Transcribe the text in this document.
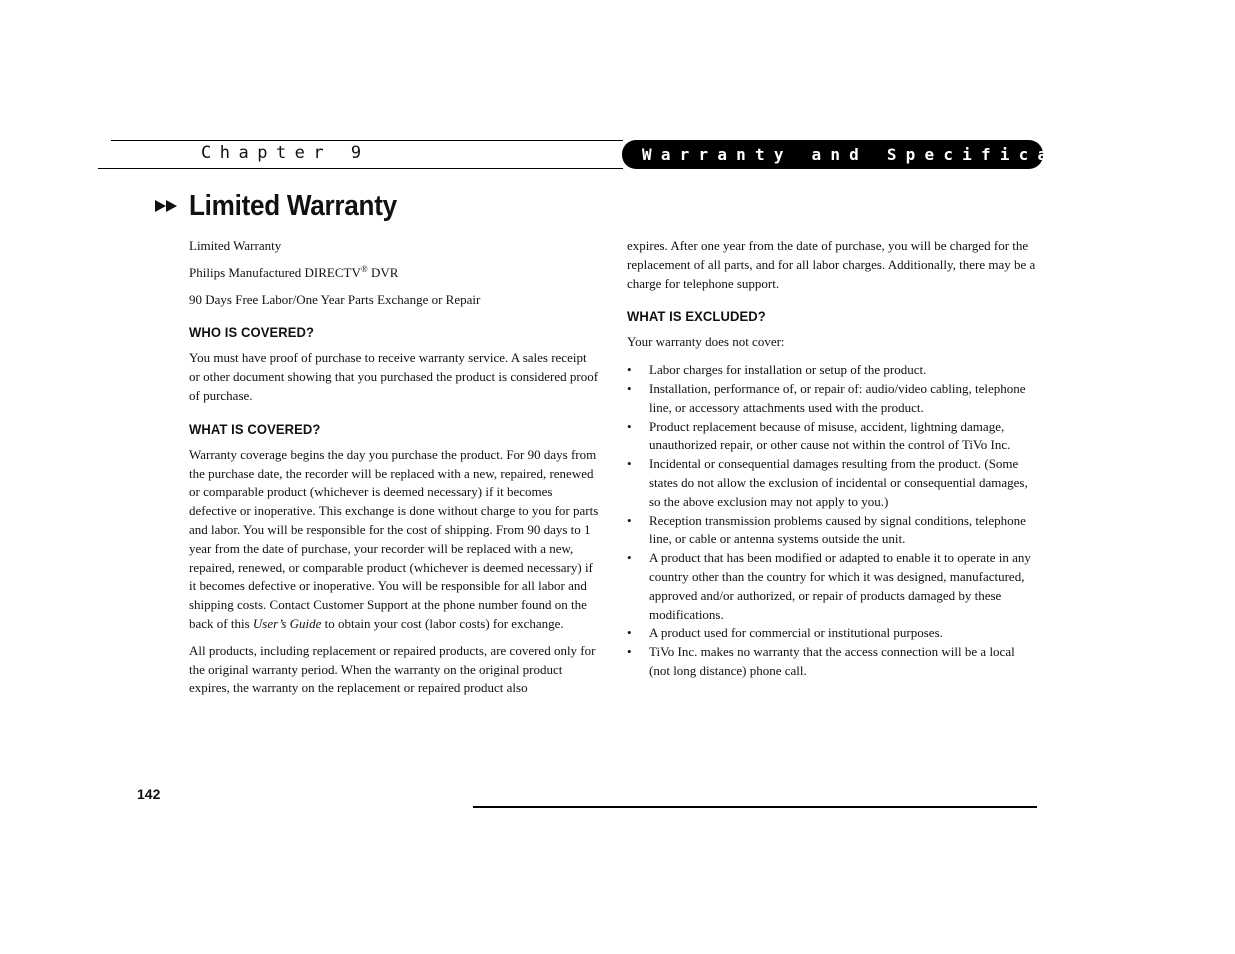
Chapter 9	Warranty and Specifications
Limited Warranty

Limited Warranty

Philips Manufactured DIRECTV® DVR

90 Days Free Labor/One Year Parts Exchange or Repair

WHO IS COVERED?

You must have proof of purchase to receive warranty service. A sales receipt or other document showing that you purchased the product is considered proof of purchase.

WHAT IS COVERED?

Warranty coverage begins the day you purchase the product. For 90 days from the purchase date, the recorder will be replaced with a new, repaired, renewed or comparable product (whichever is deemed necessary) if it becomes defective or inoperative. This exchange is done without charge to you for parts and labor. You will be responsible for the cost of shipping. From 90 days to 1 year from the date of purchase, your recorder will be replaced with a new, repaired, renewed, or comparable product (whichever is deemed necessary) if it becomes defective or inoperative. You will be responsible for all labor and shipping costs. Contact Customer Support at the phone number found on the back of this User’s Guide to obtain your cost (labor costs) for exchange.

All products, including replacement or repaired products, are covered only for the original warranty period. When the warranty on the original product expires, the warranty on the replacement or repaired product also

expires. After one year from the date of purchase, you will be charged for the replacement of all parts, and for all labor charges. Additionally, there may be a charge for telephone support.

WHAT IS EXCLUDED?

Your warranty does not cover:

• Labor charges for installation or setup of the product.
• Installation, performance of, or repair of: audio/video cabling, telephone line, or accessory attachments used with the product.
• Product replacement because of misuse, accident, lightning damage, unauthorized repair, or other cause not within the control of TiVo Inc.
• Incidental or consequential damages resulting from the product. (Some states do not allow the exclusion of incidental or consequential damages, so the above exclusion may not apply to you.)
• Reception transmission problems caused by signal conditions, telephone line, or cable or antenna systems outside the unit.
• A product that has been modified or adapted to enable it to operate in any country other than the country for which it was designed, manufactured, approved and/or authorized, or repair of products damaged by these modifications.
• A product used for commercial or institutional purposes.
• TiVo Inc. makes no warranty that the access connection will be a local (not long distance) phone call.
142
